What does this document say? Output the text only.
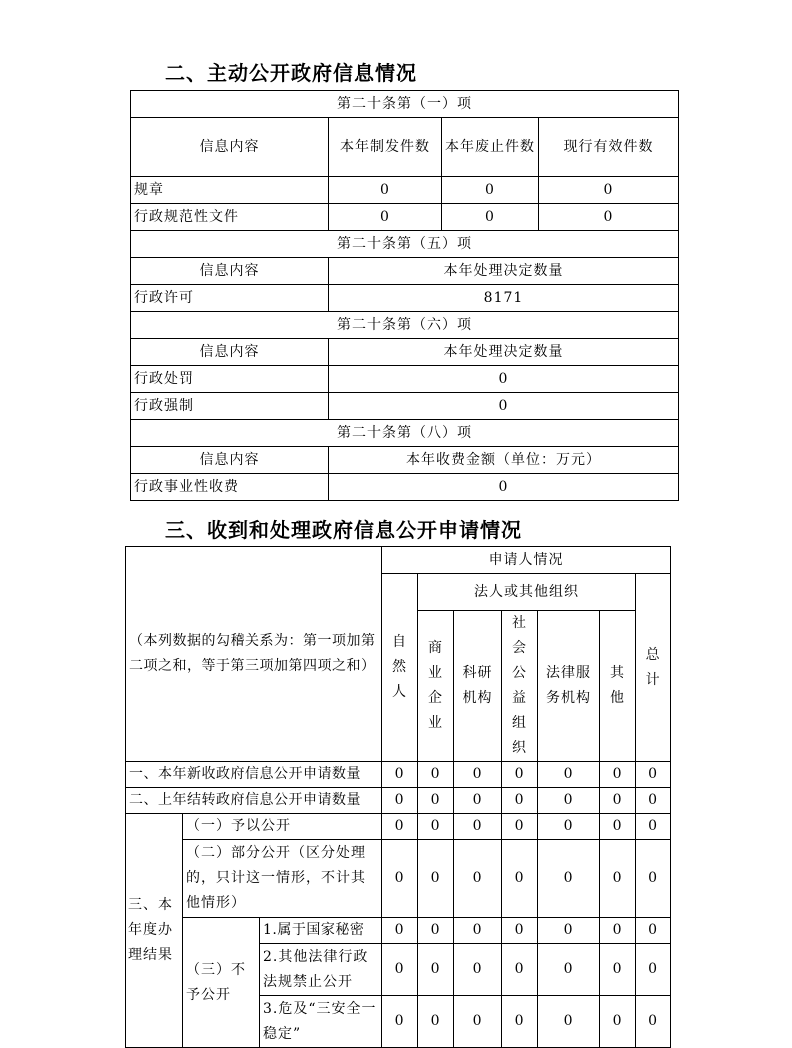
二、主动公开政府信息情况
第二十条第（一）项			
信息内容	本年制发件数	本年废止件数	现行有效件数
规章	0	0	0
行政规范性文件	0	0	0
第二十条第（五）项			
信息内容	本年处理决定数量		
行政许可	8171		
第二十条第（六）项			
信息内容	本年处理决定数量		
行政处罚	0		
行政强制	0		
第二十条第（八）项			
信息内容	本年收费金额（单位：万元）		
行政事业性收费	0		
三、收到和处理政府信息公开申请情况
（本列数据的勾稽关系为：第一项加第二项之和，等于第三项加第四项之和）			申请人情况						
			自然人	法人或其他组织					总计
				商业企业	科研机构	社会公益组织	法律服务机构	其他	
一、本年新收政府信息公开申请数量			0	0	0	0	0	0	0
二、上年结转政府信息公开申请数量			0	0	0	0	0	0	0
三、本年度办理结果	（一）予以公开		0	0	0	0	0	0	0
	（二）部分公开（区分处理的，只计这一情形，不计其他情形）		0	0	0	0	0	0	0
	（三）不予公开	1.属于国家秘密	0	0	0	0	0	0	0
		2.其他法律行政法规禁止公开	0	0	0	0	0	0	0
		3.危及“三安全一稳定”	0	0	0	0	0	0	0
